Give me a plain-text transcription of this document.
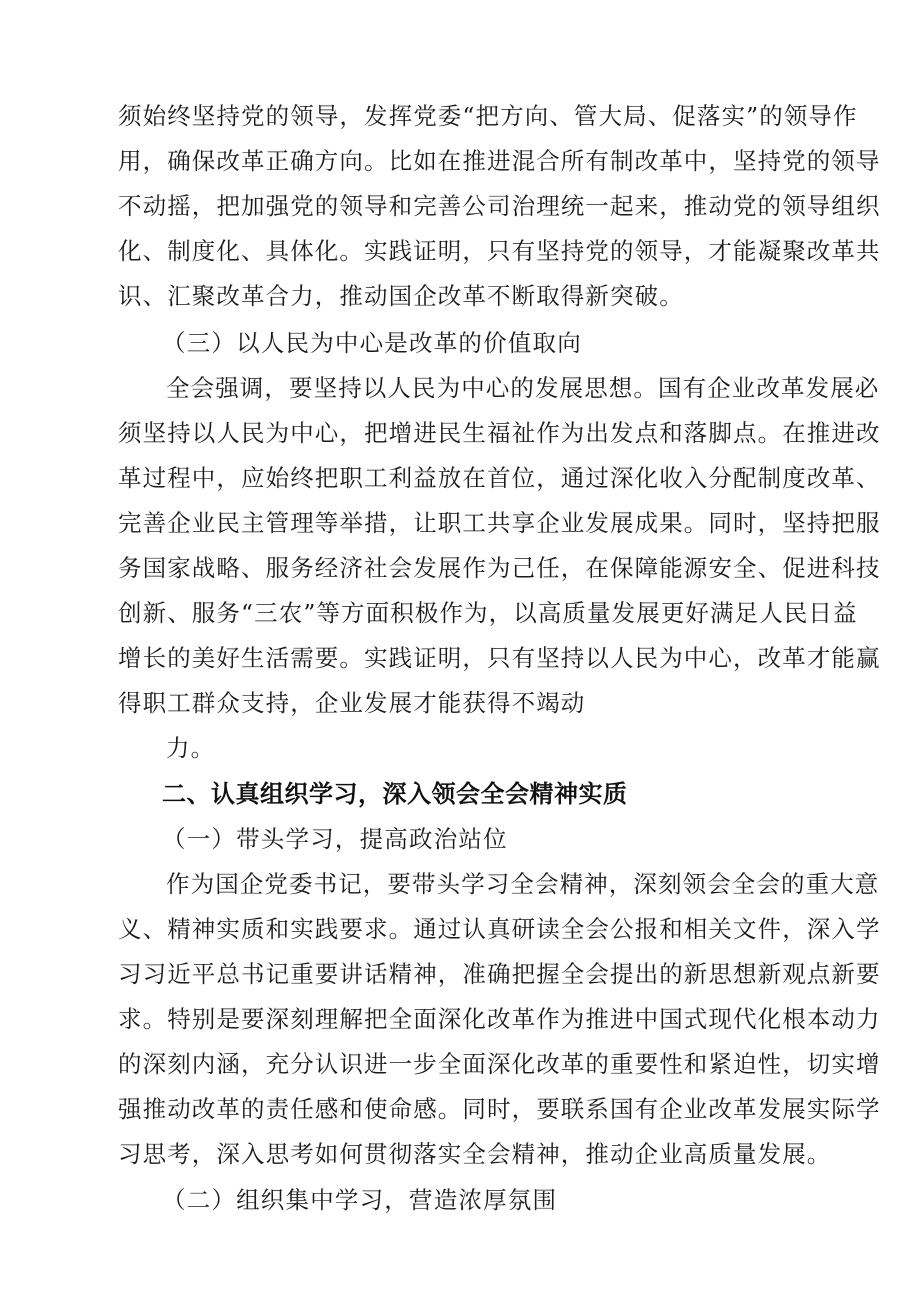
须始终坚持党的领导，发挥党委“把方向、管大局、促落实”的领导作
用，确保改革正确方向。比如在推进混合所有制改革中，坚持党的领导
不动摇，把加强党的领导和完善公司治理统一起来，推动党的领导组织
化、制度化、具体化。实践证明，只有坚持党的领导，才能凝聚改革共
识、汇聚改革合力，推动国企改革不断取得新突破。
（三）以人民为中心是改革的价值取向
全会强调，要坚持以人民为中心的发展思想。国有企业改革发展必
须坚持以人民为中心，把增进民生福祉作为出发点和落脚点。在推进改
革过程中，应始终把职工利益放在首位，通过深化收入分配制度改革、
完善企业民主管理等举措，让职工共享企业发展成果。同时，坚持把服
务国家战略、服务经济社会发展作为己任，在保障能源安全、促进科技
创新、服务“三农”等方面积极作为，以高质量发展更好满足人民日益
增长的美好生活需要。实践证明，只有坚持以人民为中心，改革才能赢
得职工群众支持，企业发展才能获得不竭动
力。
二、认真组织学习，深入领会全会精神实质
（一）带头学习，提高政治站位
作为国企党委书记，要带头学习全会精神，深刻领会全会的重大意
义、精神实质和实践要求。通过认真研读全会公报和相关文件，深入学
习习近平总书记重要讲话精神，准确把握全会提出的新思想新观点新要
求。特别是要深刻理解把全面深化改革作为推进中国式现代化根本动力
的深刻内涵，充分认识进一步全面深化改革的重要性和紧迫性，切实增
强推动改革的责任感和使命感。同时，要联系国有企业改革发展实际学
习思考，深入思考如何贯彻落实全会精神，推动企业高质量发展。
（二）组织集中学习，营造浓厚氛围
